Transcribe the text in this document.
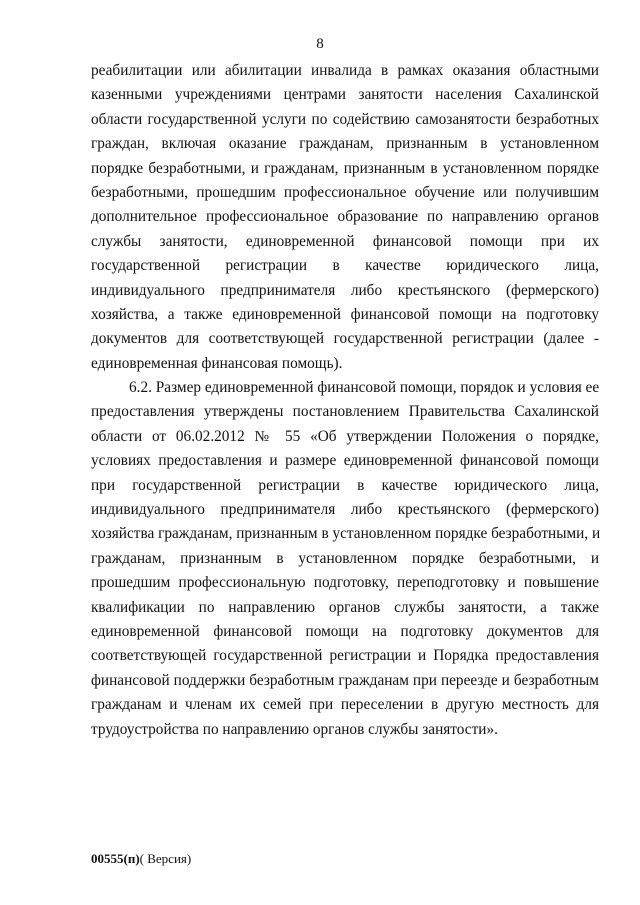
8
реабилитации или абилитации инвалида в рамках оказания областными
казенными учреждениями центрами занятости населения Сахалинской
области государственной услуги по содействию самозанятости безработных
граждан, включая оказание гражданам, признанным в установленном
порядке безработными, и гражданам, признанным в установленном порядке
безработными, прошедшим профессиональное обучение или получившим
дополнительное профессиональное образование по направлению органов
службы занятости, единовременной финансовой помощи при их
государственной регистрации в качестве юридического лица,
индивидуального предпринимателя либо крестьянского (фермерского)
хозяйства, а также единовременной финансовой помощи на подготовку
документов для соответствующей государственной регистрации (далее -
единовременная финансовая помощь).
6.2. Размер единовременной финансовой помощи, порядок и условия ее
предоставления утверждены постановлением Правительства Сахалинской
области от 06.02.2012 № 55 «Об утверждении Положения о порядке,
условиях предоставления и размере единовременной финансовой помощи
при государственной регистрации в качестве юридического лица,
индивидуального предпринимателя либо крестьянского (фермерского)
хозяйства гражданам, признанным в установленном порядке безработными, и
гражданам, признанным в установленном порядке безработными, и
прошедшим профессиональную подготовку, переподготовку и повышение
квалификации по направлению органов службы занятости, а также
единовременной финансовой помощи на подготовку документов для
соответствующей государственной регистрации и Порядка предоставления
финансовой поддержки безработным гражданам при переезде и безработным
гражданам и членам их семей при переселении в другую местность для
трудоустройства по направлению органов службы занятости».
00555(п)( Версия)
